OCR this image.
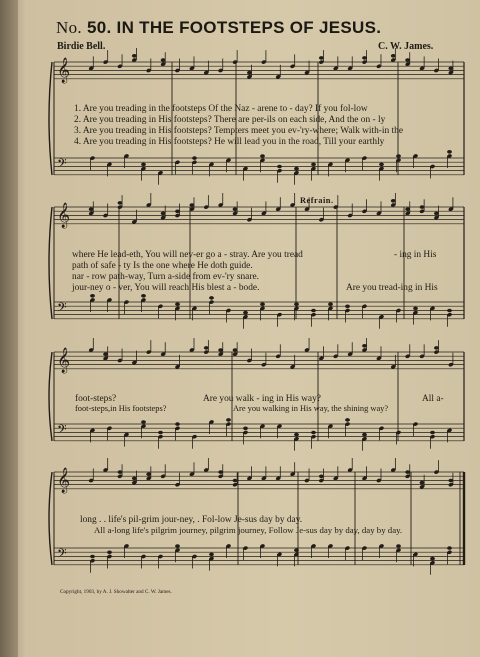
No. 50. IN THE FOOTSTEPS OF JESUS.
Birdie Bell.	C. W. James.
𝄞
𝄢
𝄞
𝄢
𝄞
𝄢
𝄞
𝄢
1. Are you treading in the footsteps Of the Naz - arene to - day? If you fol-low
2. Are you treading in His footsteps? There are per-ils on each side, And the on - ly
3. Are you treading in His footsteps? Tempters meet you ev-'ry-where; Walk with-in the
4. Are you treading in His footsteps? He will lead you in the road, Till your earthly
Refrain.
where He lead-eth, You will nev-er go a - stray. Are you tread	- ing in His
path of safe - ty Is the one where He doth guide.
nar - row path-way, Turn a-side from ev-'ry snare.
jour-ney o - ver, You will reach His blest a - bode.	Are you tread-ing in His
foot-steps?	Are you walk - ing in His way?	All a-
foot-steps,in His footsteps?	Are you walking in His way, the shining way?
long . . life's pil-grim jour-ney, . Fol-low Je-sus day by day.
All a-long life's pilgrim journey, pilgrim journey, Follow Je-sus day by day, day by day.
Copyright, 1903, by A. J. Showalter and C. W. James.
